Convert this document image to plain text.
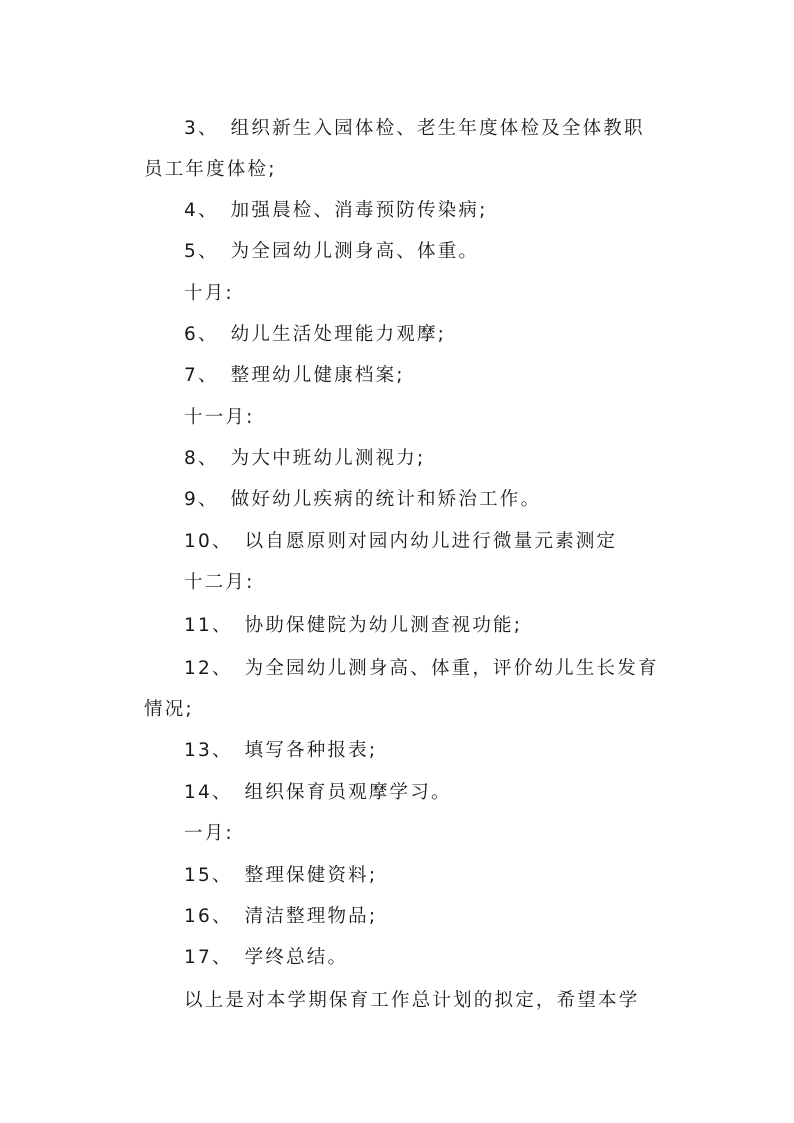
3、 组织新生入园体检、老生年度体检及全体教职
员工年度体检;
4、 加强晨检、消毒预防传染病;
5、 为全园幼儿测身高、体重。
十月:
6、 幼儿生活处理能力观摩;
7、 整理幼儿健康档案;
十一月:
8、 为大中班幼儿测视力;
9、 做好幼儿疾病的统计和矫治工作。
10、 以自愿原则对园内幼儿进行微量元素测定
十二月:
11、 协助保健院为幼儿测查视功能;
12、 为全园幼儿测身高、体重，评价幼儿生长发育
情况;
13、 填写各种报表;
14、 组织保育员观摩学习。
一月:
15、 整理保健资料;
16、 清洁整理物品;
17、 学终总结。
以上是对本学期保育工作总计划的拟定，希望本学
